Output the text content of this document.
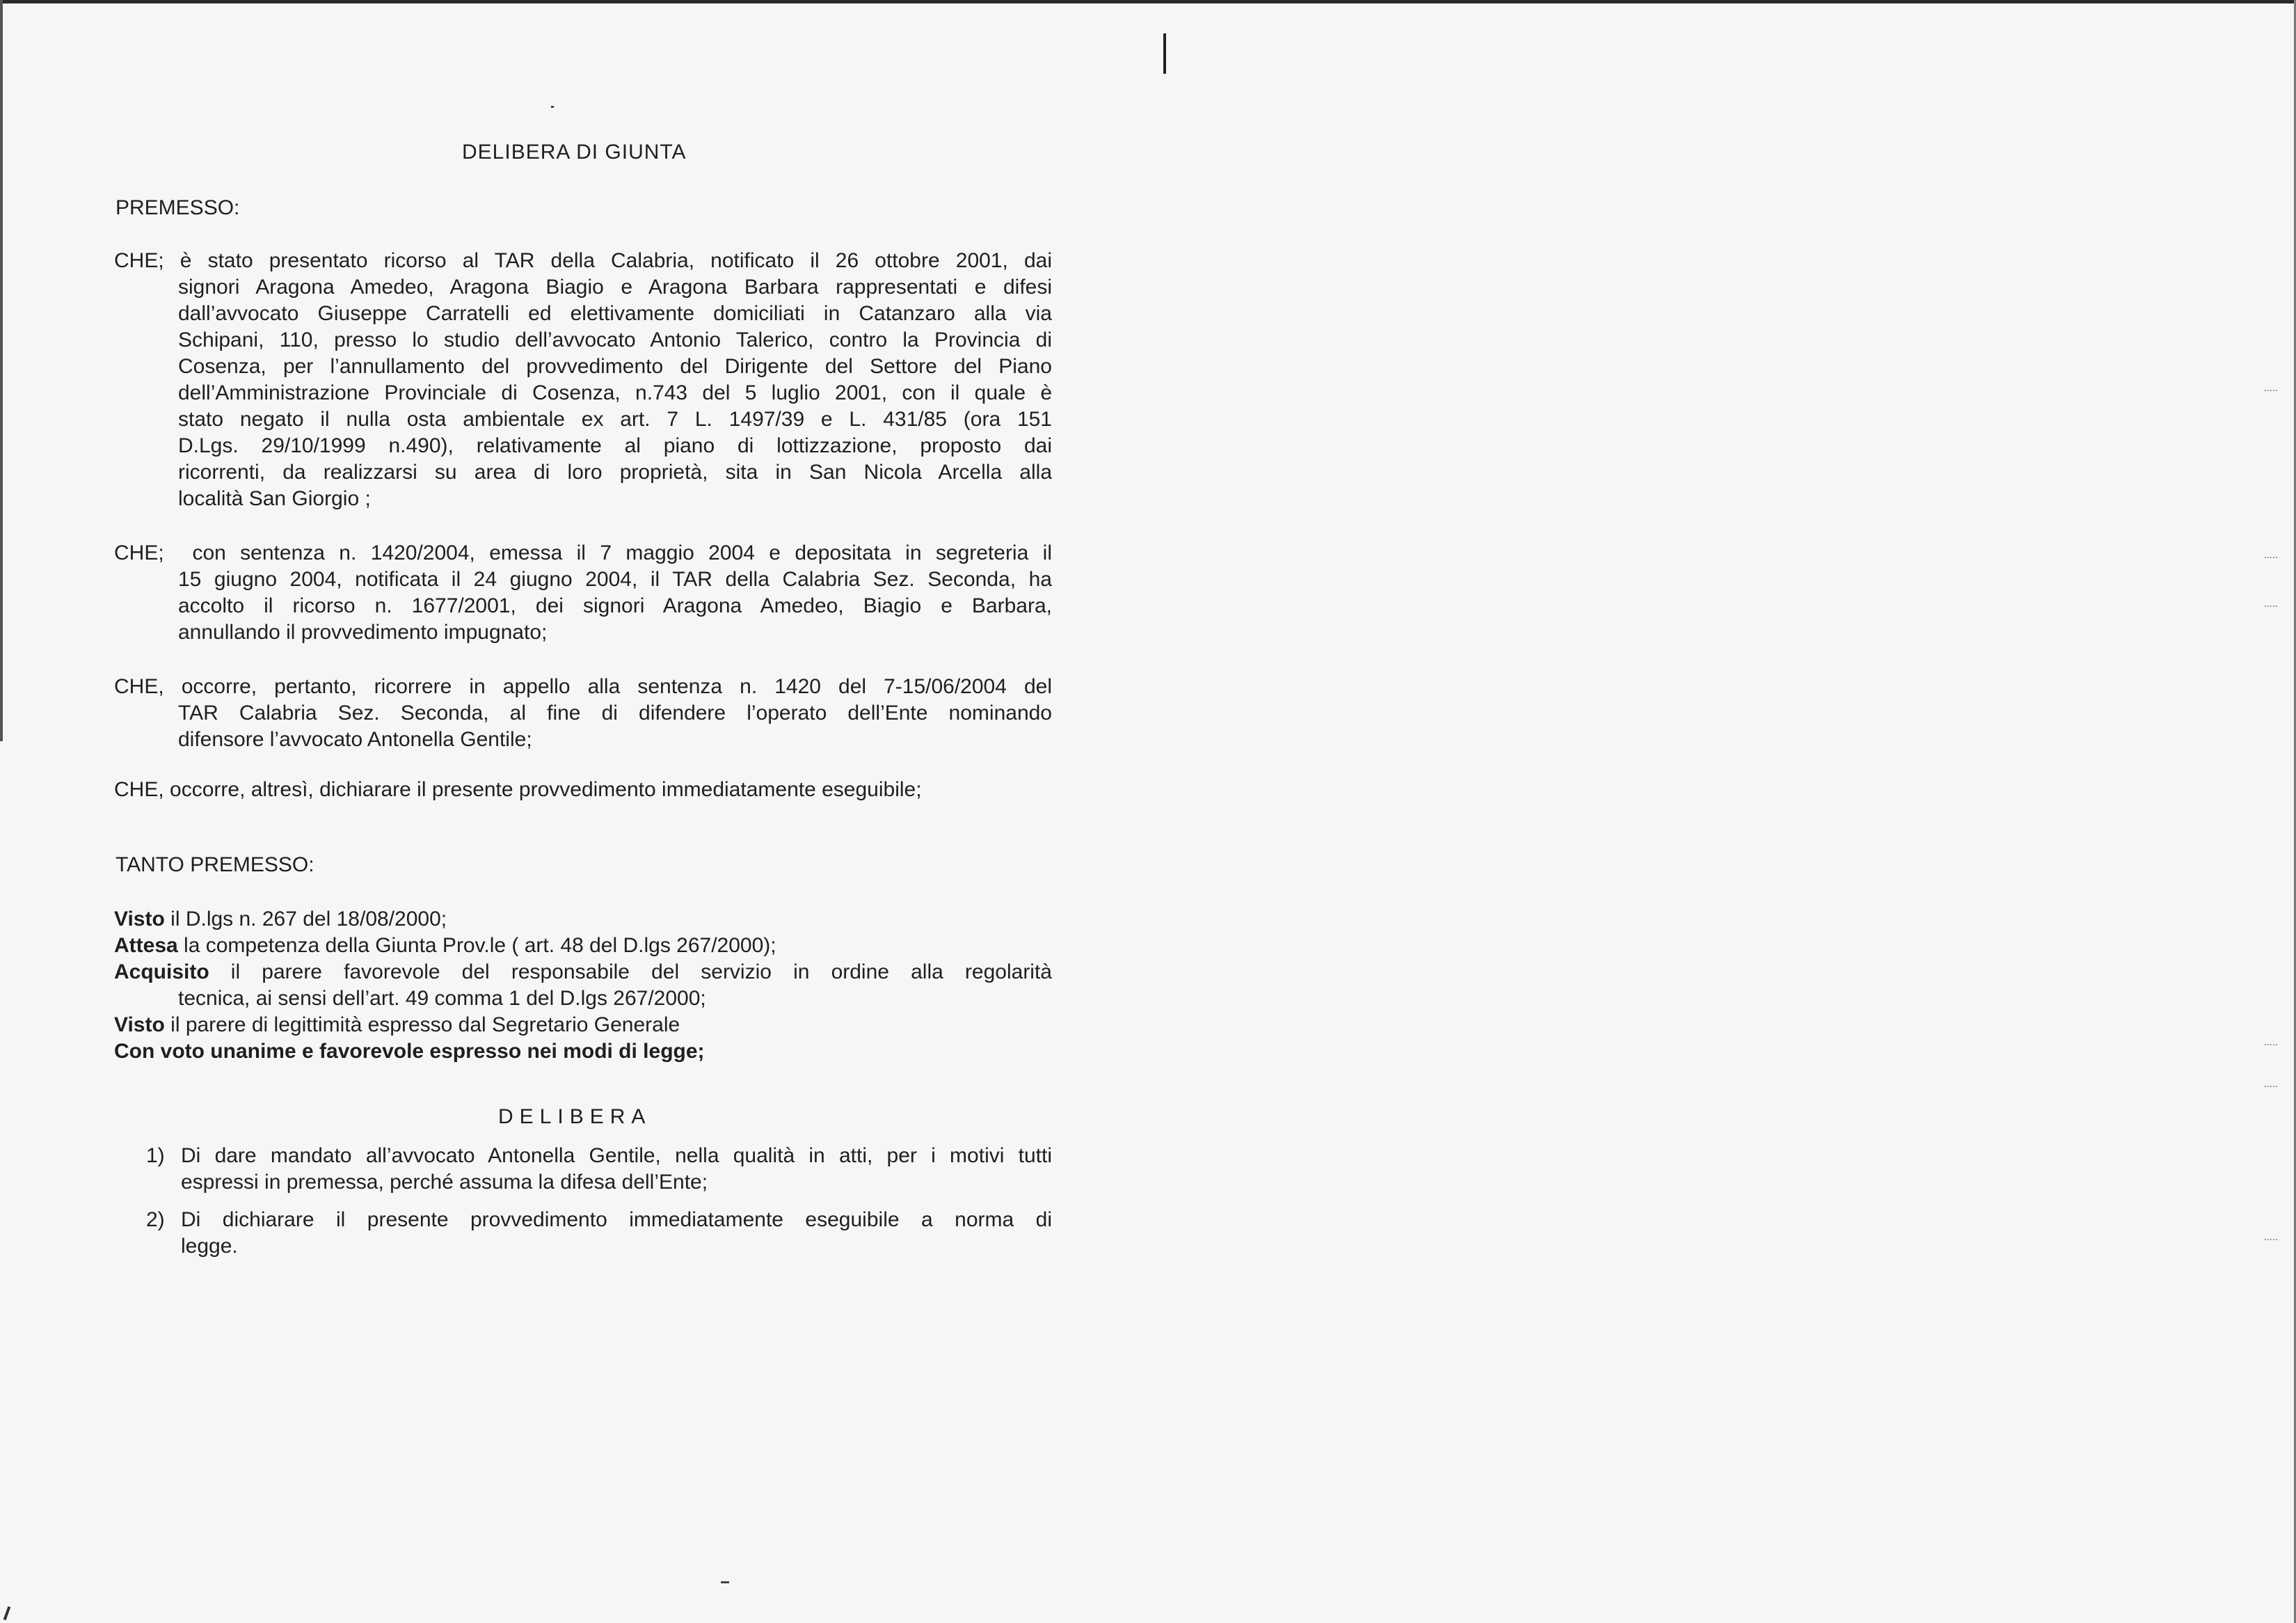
DELIBERA DI GIUNTA
PREMESSO:
CHE; è stato presentato ricorso al TAR della Calabria, notificato il 26 ottobre 2001, dai
signori Aragona Amedeo, Aragona Biagio e Aragona Barbara rappresentati e difesi
dall’avvocato Giuseppe Carratelli ed elettivamente domiciliati in Catanzaro alla via
Schipani, 110, presso lo studio dell’avvocato Antonio Talerico, contro la Provincia di
Cosenza, per l’annullamento del provvedimento del Dirigente del Settore del Piano
dell’Amministrazione Provinciale di Cosenza, n.743 del 5 luglio 2001, con il quale è
stato negato il nulla osta ambientale ex art. 7 L. 1497/39 e L. 431/85 (ora 151
D.Lgs. 29/10/1999 n.490), relativamente al piano di lottizzazione, proposto dai
ricorrenti, da realizzarsi su area di loro proprietà, sita in San Nicola Arcella alla
località San Giorgio ;
CHE; con sentenza n. 1420/2004, emessa il 7 maggio 2004 e depositata in segreteria il
15 giugno 2004, notificata il 24 giugno 2004, il TAR della Calabria Sez. Seconda, ha
accolto il ricorso n. 1677/2001, dei signori Aragona Amedeo, Biagio e Barbara,
annullando il provvedimento impugnato;
CHE, occorre, pertanto, ricorrere in appello alla sentenza n. 1420 del 7-15/06/2004 del
TAR Calabria Sez. Seconda, al fine di difendere l’operato dell’Ente nominando
difensore l’avvocato Antonella Gentile;
CHE, occorre, altresì, dichiarare il presente provvedimento immediatamente eseguibile;
TANTO PREMESSO:
Visto il D.lgs n. 267 del 18/08/2000;
Attesa la competenza della Giunta Prov.le ( art. 48 del D.lgs 267/2000);
Acquisito il parere favorevole del responsabile del servizio in ordine alla regolarità
tecnica, ai sensi dell’art. 49 comma 1 del D.lgs 267/2000;
Visto il parere di legittimità espresso dal Segretario Generale
Con voto unanime e favorevole espresso nei modi di legge;
DELIBERA
1) Di dare mandato all’avvocato Antonella Gentile, nella qualità in atti, per i motivi tutti
espressi in premessa, perché assuma la difesa dell’Ente;
2) Di dichiarare il presente provvedimento immediatamente eseguibile a norma di
legge.
